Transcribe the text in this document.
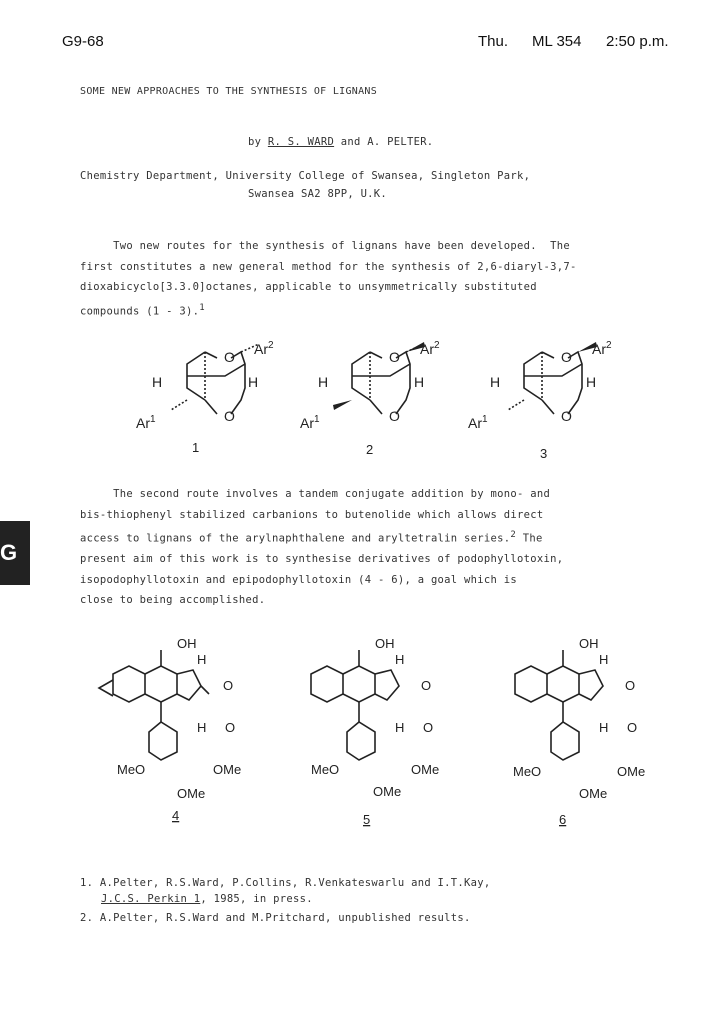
G9-68	Thu. ML 354 2:50 p.m.
G
SOME NEW APPROACHES TO THE SYNTHESIS OF LIGNANS
by R. S. WARD and A. PELTER.
Chemistry Department, University College of Swansea, Singleton Park,
Swansea SA2 8PP, U.K.

Two new routes for the synthesis of lignans have been developed.  The

first constitutes a new general method for the synthesis of 2,6-diaryl-3,7-

dioxabicyclo[3.3.0]octanes, applicable to unsymmetrically substituted

compounds (1 - 3).$^1$

O
O
O
O
O
O
H	H	H	H	H	H
Ar$^2$
Ar$^1$
Ar$^2$
Ar$^1$
Ar$^2$
Ar$^1$
1	2	3

The second route involves a tandem conjugate addition by mono- and

bis-thiophenyl stabilized carbanions to butenolide which allows direct

access to lignans of the arylnaphthalene and aryltetralin series.$^2$ The

present aim of this work is to synthesise derivatives of podophyllotoxin,

isopodophyllotoxin and epipodophyllotoxin (4 - 6), a goal which is

close to being accomplished.

OH	OH	OH
H
H
H
H
H
H
O
O
O
O
O
O
MeO	OMe
OMe
MeO	OMe
OMe
MeO	OMe
OMe
4	5	6
1. A.Pelter, R.S.Ward, P.Collins, R.Venkateswarlu and I.T.Kay,
J.C.S. Perkin 1, 1985, in press.
2. A.Pelter, R.S.Ward and M.Pritchard, unpublished results.
